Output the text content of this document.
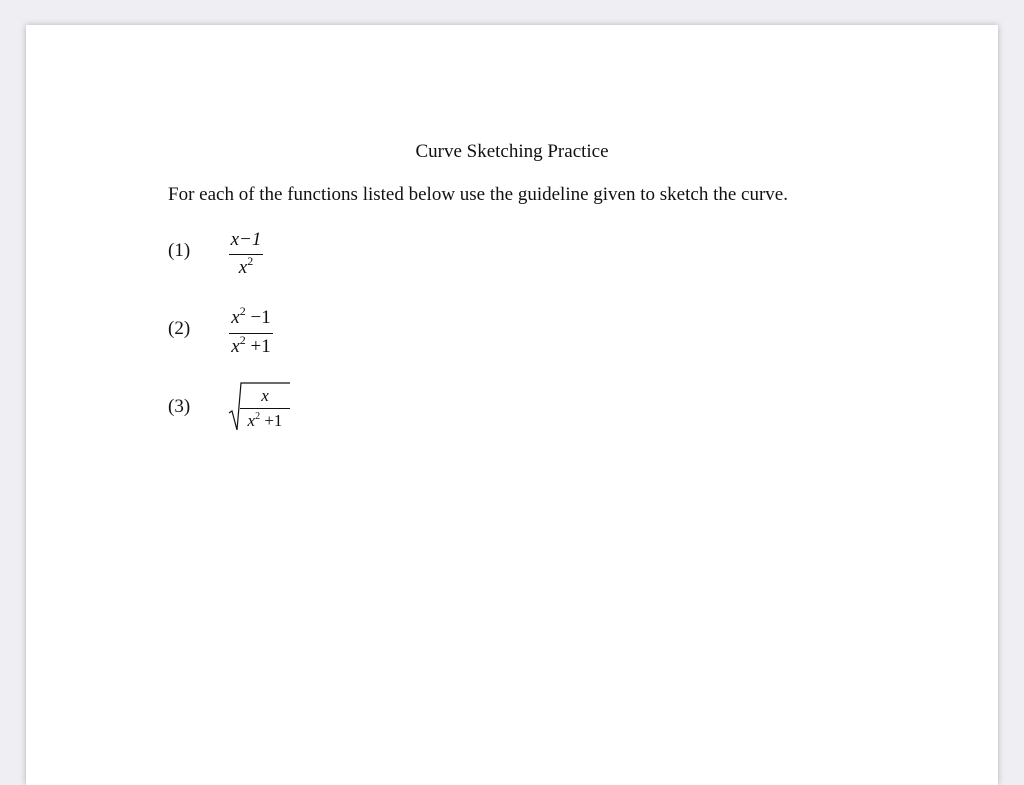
Curve Sketching Practice
For each of the functions listed below use the guideline given to sketch the curve.
(1)
x−1
$x^2$
(2)
$x^2 -1$
$x^2 +1$
(3)
x
$x^2 +1$
